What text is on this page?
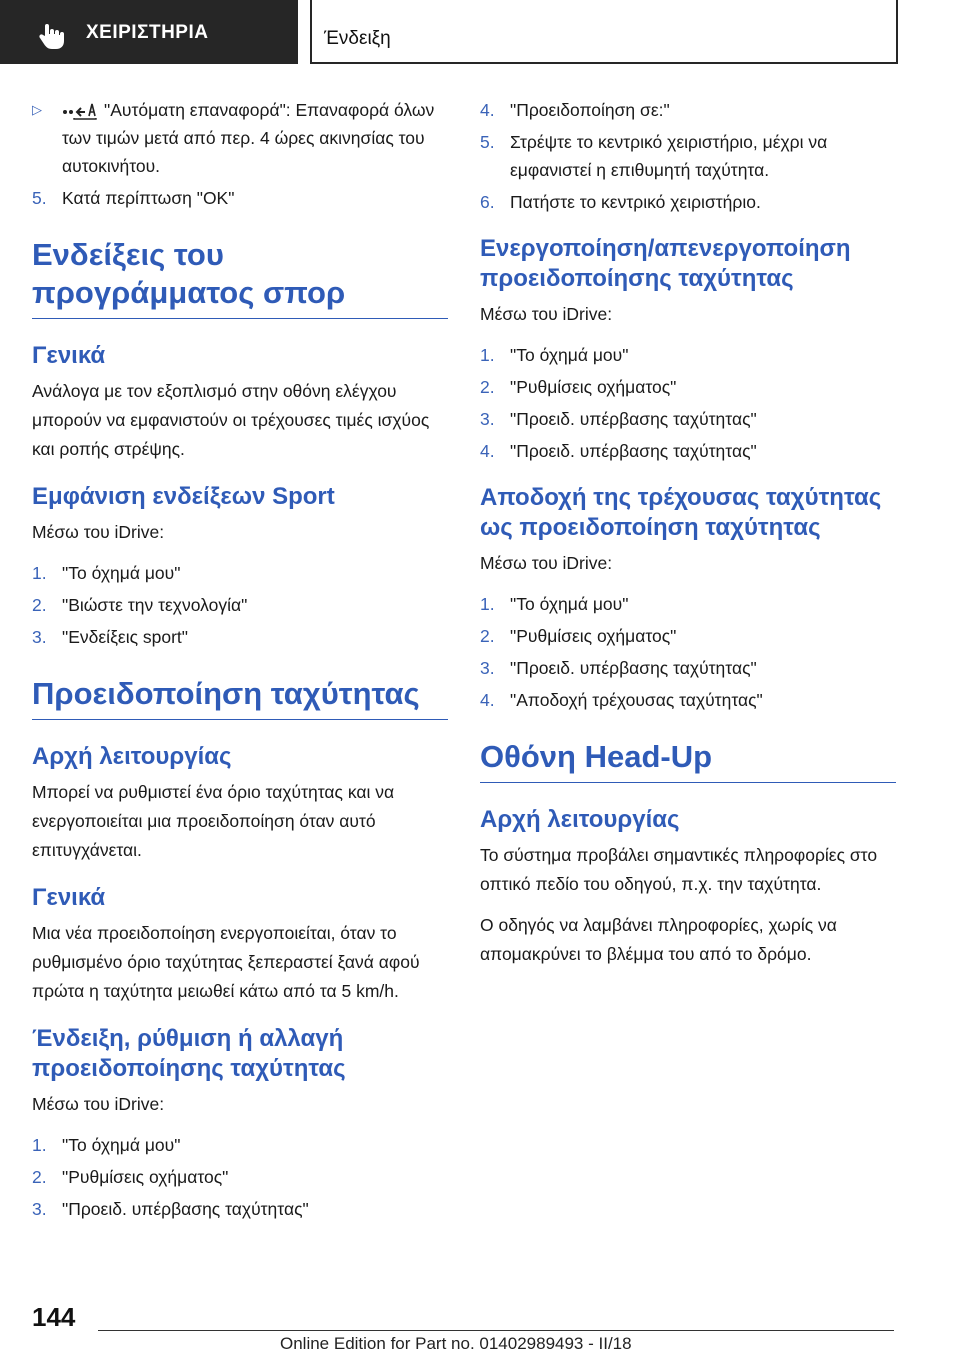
ΧΕΙΡΙΣΤΗΡΙΑ	Ένδειξη
▷	"Αυτόματη επαναφορά": Επαναφορά όλων των τιμών μετά από περ. 4 ώρες ακινησίας του αυτοκινήτου.
5. Κατά περίπτωση "OK"
Ενδείξεις του προγράμματος σπορ
Γενικά

Ανάλογα με τον εξοπλισμό στην οθόνη ελέγχου μπορούν να εμφανιστούν οι τρέχουσες τιμές ισχύος και ροπής στρέψης.

Εμφάνιση ενδείξεων Sport

Μέσω του iDrive:

1. "Το όχημά μου"
2. "Βιώστε την τεχνολογία"
3. "Ενδείξεις sport"
Προειδοποίηση ταχύτητας
Αρχή λειτουργίας

Μπορεί να ρυθμιστεί ένα όριο ταχύτητας και να ενεργοποιείται μια προειδοποίηση όταν αυτό επιτυγχάνεται.

Γενικά

Μια νέα προειδοποίηση ενεργοποιείται, όταν το ρυθμισμένο όριο ταχύτητας ξεπεραστεί ξανά αφού πρώτα η ταχύτητα μειωθεί κάτω από τα 5 km/h.

Ένδειξη, ρύθμιση ή αλλαγή προειδοποίησης ταχύτητας

Μέσω του iDrive:

1. "Το όχημά μου"
2. "Ρυθμίσεις οχήματος"
3. "Προειδ. υπέρβασης ταχύτητας"
4. "Προειδοποίηση σε:"
5. Στρέψτε το κεντρικό χειριστήριο, μέχρι να εμφανιστεί η επιθυμητή ταχύτητα.
6. Πατήστε το κεντρικό χειριστήριο.
Ενεργοποίηση/απενεργοποίηση προειδοποίησης ταχύτητας

Μέσω του iDrive:

1. "Το όχημά μου"
2. "Ρυθμίσεις οχήματος"
3. "Προειδ. υπέρβασης ταχύτητας"
4. "Προειδ. υπέρβασης ταχύτητας"
Αποδοχή της τρέχουσας ταχύτητας ως προειδοποίηση ταχύτητας

Μέσω του iDrive:

1. "Το όχημά μου"
2. "Ρυθμίσεις οχήματος"
3. "Προειδ. υπέρβασης ταχύτητας"
4. "Αποδοχή τρέχουσας ταχύτητας"
Οθόνη Head-Up
Αρχή λειτουργίας

Το σύστημα προβάλει σημαντικές πληροφορίες στο οπτικό πεδίο του οδηγού, π.χ. την ταχύτητα.

Ο οδηγός να λαμβάνει πληροφορίες, χωρίς να απομακρύνει το βλέμμα του από το δρόμο.

144
Online Edition for Part no. 01402989493 - II/18
